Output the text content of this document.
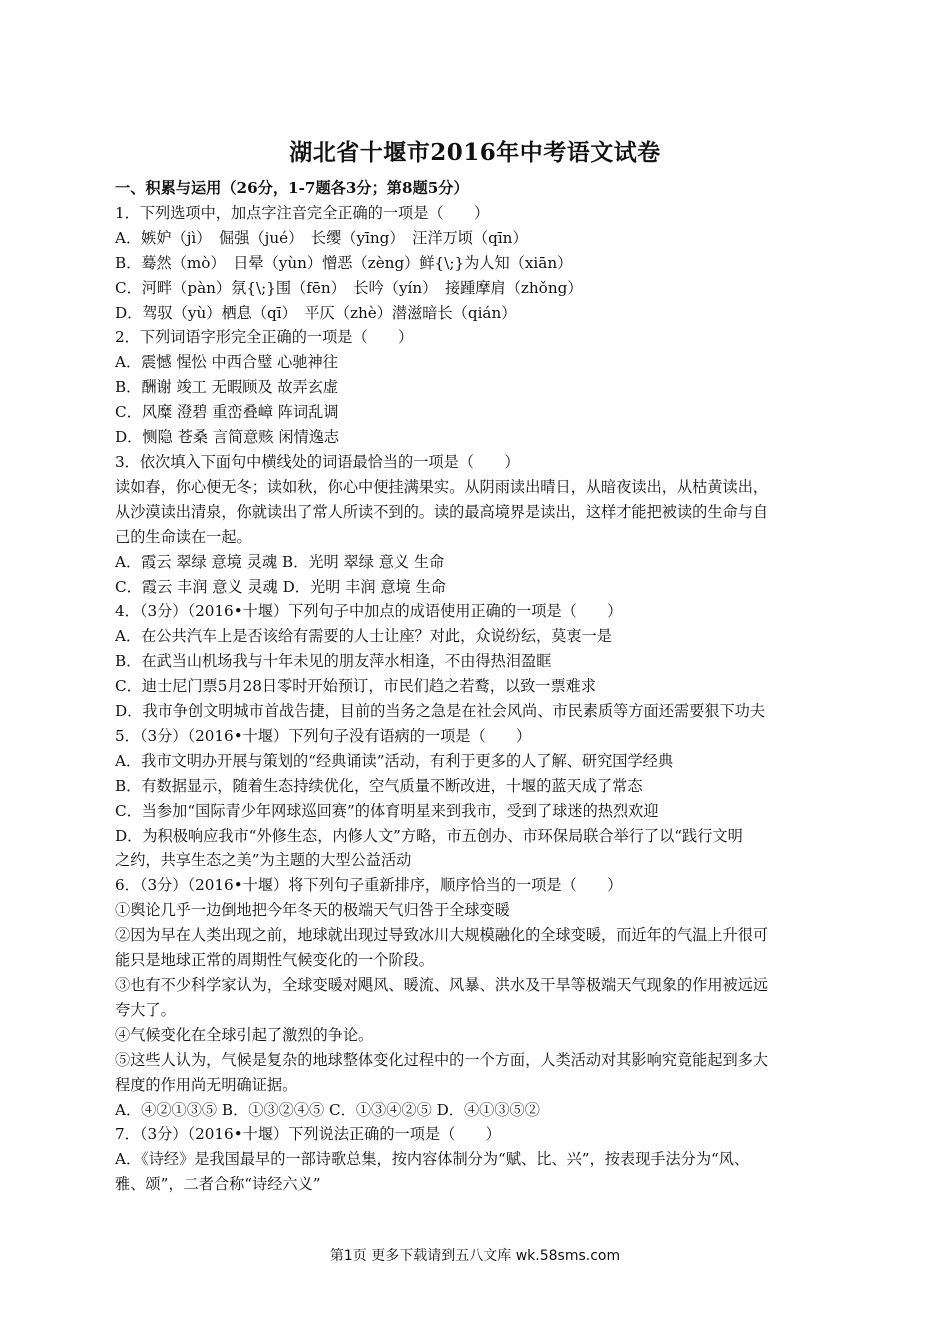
湖北省十堰市2016年中考语文试卷
一、积累与运用（26分，1-7题各3分；第8题5分）
1．下列选项中，加点字注音完全正确的一项是（　　）
A．嫉妒（jì）　倔强（jué）　长缨（yīng）　汪洋万顷（qīn）
B．蓦然（mò）　日晕（yùn）憎恶（zèng）鲜{\;}为人知（xiān）
C．河畔（pàn）氛{\;}围（fēn）　长吟（yín）　接踵摩肩（zhǒng）
D．驾驭（yù）栖息（qī）　平仄（zhè）潜滋暗长（qián）
2．下列词语字形完全正确的一项是（　　）
A．震憾 惺忪 中西合璧 心驰神往
B．酬谢 竣工 无暇顾及 故弄玄虚
C．风糜 澄碧 重峦叠嶂 阵词乱调
D．恻隐 苍桑 言简意赅 闲情逸志
3．依次填入下面句中横线处的词语最恰当的一项是（　　）
读如春，你心便无冬；读如秋，你心中便挂满果实。从阴雨读出晴日，从暗夜读出，从枯黄读出，
从沙漠读出清泉，你就读出了常人所读不到的。读的最高境界是读出，这样才能把被读的生命与自
己的生命读在一起。
A．霞云 翠绿 意境 灵魂 B．光明 翠绿 意义 生命
C．霞云 丰润 意义 灵魂 D．光明 丰润 意境 生命
4．（3分）（2016•十堰）下列句子中加点的成语使用正确的一项是（　　）
A．在公共汽车上是否该给有需要的人士让座？对此，众说纷纭，莫衷一是
B．在武当山机场我与十年未见的朋友萍水相逢，不由得热泪盈眶
C．迪士尼门票5月28日零时开始预订，市民们趋之若鹜，以致一票难求
D．我市争创文明城市首战告捷，目前的当务之急是在社会风尚、市民素质等方面还需要狠下功夫
5．（3分）（2016•十堰）下列句子没有语病的一项是（　　）
A．我市文明办开展与策划的“经典诵读”活动，有利于更多的人了解、研究国学经典
B．有数据显示，随着生态持续优化，空气质量不断改进，十堰的蓝天成了常态
C．当参加“国际青少年网球巡回赛”的体育明星来到我市，受到了球迷的热烈欢迎
D．为积极响应我市“外修生态，内修人文”方略，市五创办、市环保局联合举行了以“践行文明
之约，共享生态之美”为主题的大型公益活动
6．（3分）（2016•十堰）将下列句子重新排序，顺序恰当的一项是（　　）
①舆论几乎一边倒地把今年冬天的极端天气归咎于全球变暖
②因为早在人类出现之前，地球就出现过导致冰川大规模融化的全球变暖，而近年的气温上升很可
能只是地球正常的周期性气候变化的一个阶段。
③也有不少科学家认为，全球变暖对飓风、暖流、风暴、洪水及干旱等极端天气现象的作用被远远
夸大了。
④气候变化在全球引起了激烈的争论。
⑤这些人认为，气候是复杂的地球整体变化过程中的一个方面，人类活动对其影响究竟能起到多大
程度的作用尚无明确证据。
A．④②①③⑤ B．①③②④⑤ C．①③④②⑤ D．④①③⑤②
7．（3分）（2016•十堰）下列说法正确的一项是（　　）
A．《诗经》是我国最早的一部诗歌总集，按内容体制分为“赋、比、兴”，按表现手法分为“风、
雅、颂”，二者合称“诗经六义”
第1页 更多下载请到五八文库 wk.58sms.com
